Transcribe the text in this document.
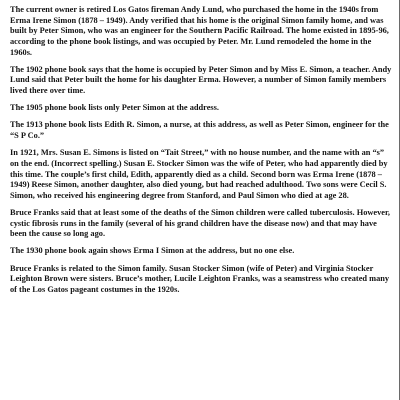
The current owner is retired Los Gatos fireman Andy Lund, who purchased the home in the 1940s from Erma Irene Simon (1878 – 1949). Andy verified that his home is the original Simon family home, and was built by Peter Simon, who was an engineer for the Southern Pacific Railroad. The home existed in 1895-96, according to the phone book listings, and was occupied by Peter. Mr. Lund remodeled the home in the 1960s.

The 1902 phone book says that the home is occupied by Peter Simon and by Miss E. Simon, a teacher. Andy Lund said that Peter built the home for his daughter Erma. However, a number of Simon family members lived there over time.

The 1905 phone book lists only Peter Simon at the address.

The 1913 phone book lists Edith R. Simon, a nurse, at this address, as well as Peter Simon, engineer for the “S P Co.”

In 1921, Mrs. Susan E. Simons is listed on “Tait Street,” with no house number, and the name with an “s” on the end. (Incorrect spelling.) Susan E. Stocker Simon was the wife of Peter, who had apparently died by this time. The couple’s first child, Edith, apparently died as a child. Second born was Erma Irene (1878 – 1949) Reese Simon, another daughter, also died young, but had reached adulthood. Two sons were Cecil S. Simon, who received his engineering degree from Stanford, and Paul Simon who died at age 28.

Bruce Franks said that at least some of the deaths of the Simon children were called tuberculosis. However, cystic fibrosis runs in the family (several of his grand children have the disease now) and that may have been the cause so long ago.

The 1930 phone book again shows Erma I Simon at the address, but no one else.

Bruce Franks is related to the Simon family. Susan Stocker Simon (wife of Peter) and Virginia Stocker Leighton Brown were sisters. Bruce’s mother, Lucile Leighton Franks, was a seamstress who created many of the Los Gatos pageant costumes in the 1920s.
